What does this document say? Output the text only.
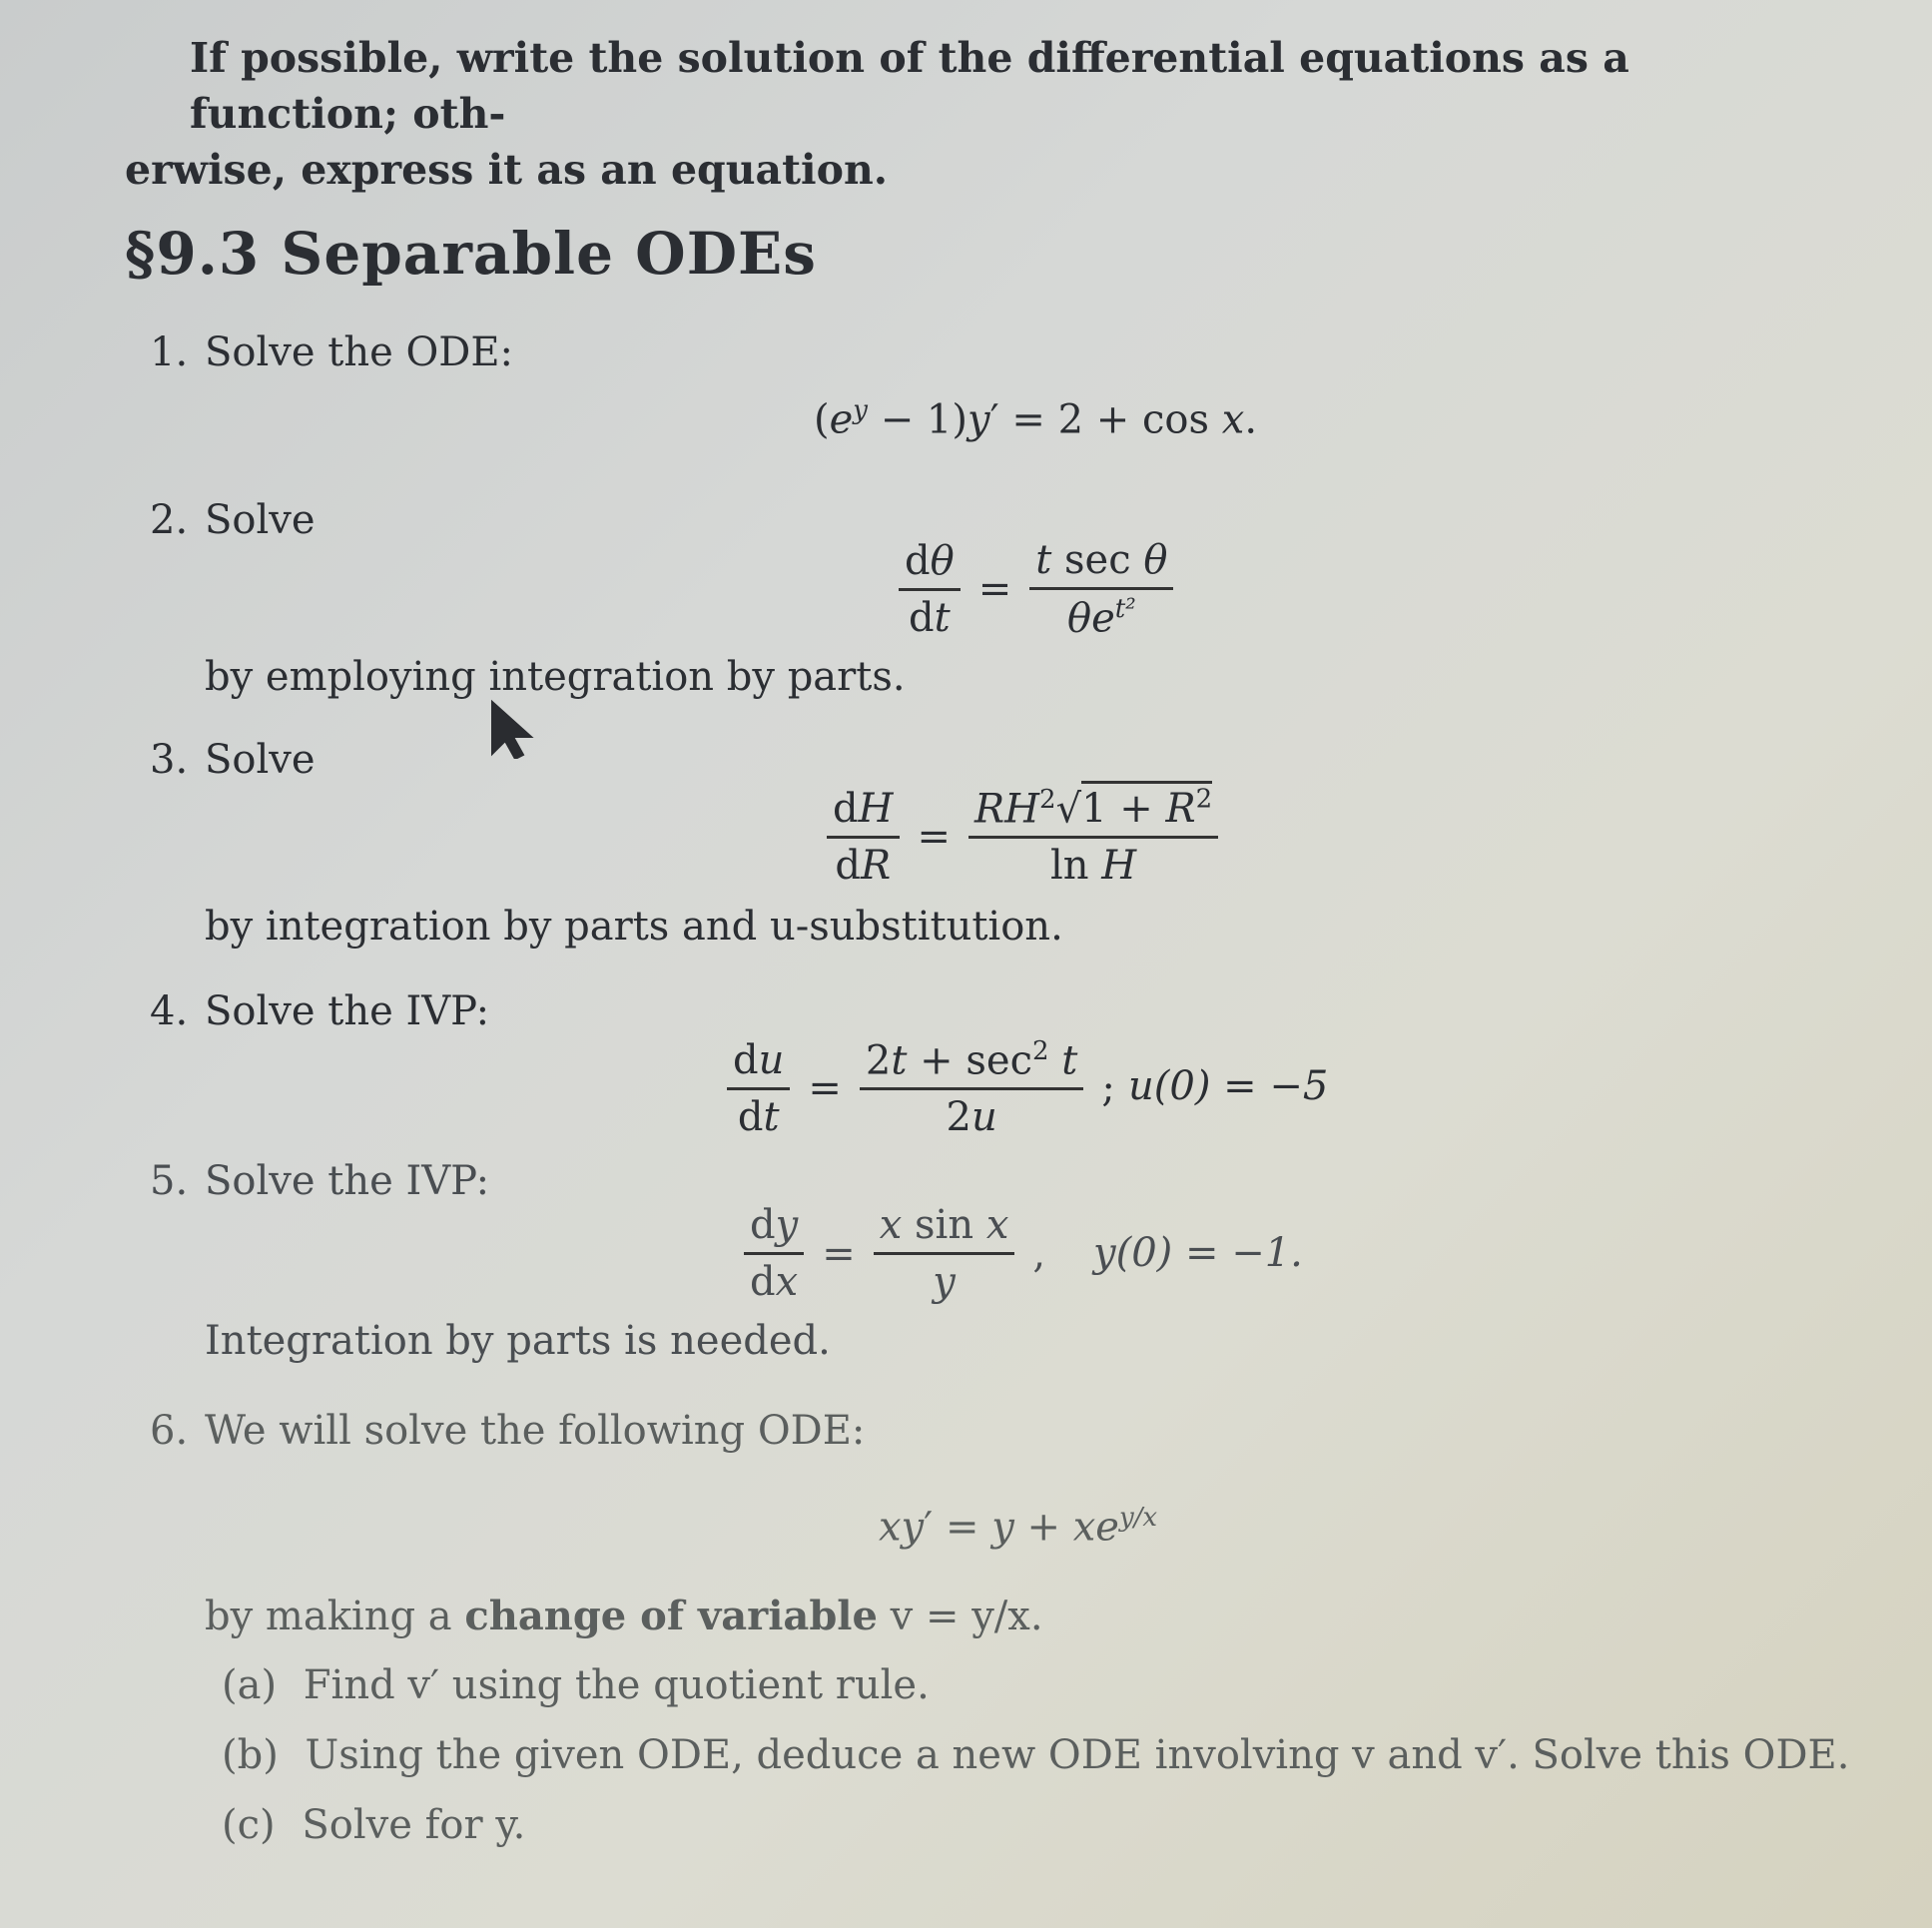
If possible, write the solution of the differential equations as a function; oth-
erwise, express it as an equation.
§9.3 Separable ODEs
1. Solve the ODE:
$(e^y - 1)y' = 2 + \cos x$.
2. Solve
$\frac{d\theta}{dt} = \frac{\text{t sec θ}}{\theta e^{t^2}}$
by employing integration by parts.
3. Solve
$\frac{dH}{dR} = \frac{RH^2√1 + R^2}{\text{ln H}}$
by integration by parts and u-substitution.
4. Solve the IVP:
$\frac{du}{dt} = \frac{2t + \sec^2 t}{2u}$ ; u(0) = −5
5. Solve the IVP:
$\frac{dy}{dx} = \frac{\text{x sin x}}{y}$ , y(0) = −1.
Integration by parts is needed.
6. We will solve the following ODE:
$xy' = y + xe^{y/x}$
by making a change of variable v = y/x.
(a) Find v′ using the quotient rule.
(b) Using the given ODE, deduce a new ODE involving v and v′. Solve this ODE.
(c) Solve for y.
